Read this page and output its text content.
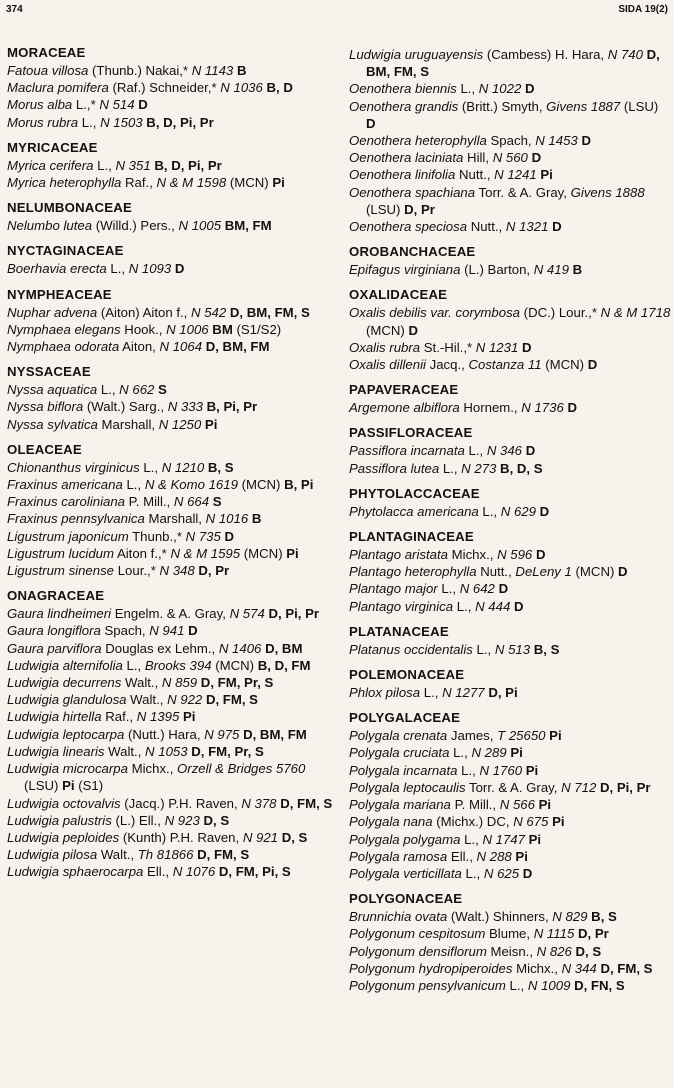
374	SIDA 19(2)
MORACEAE
Fatoua villosa (Thunb.) Nakai,* N 1143 B
Maclura pomifera (Raf.) Schneider,* N 1036 B, D
Morus alba L.,* N 514 D
Morus rubra L., N 1503 B, D, Pi, Pr
MYRICACEAE
Myrica cerifera L., N 351 B, D, Pi, Pr
Myrica heterophylla Raf., N & M 1598 (MCN) Pi
NELUMBONACEAE
Nelumbo lutea (Willd.) Pers., N 1005 BM, FM
NYCTAGINACEAE
Boerhavia erecta L., N 1093 D
NYMPHEACEAE
Nuphar advena (Aiton) Aiton f., N 542 D, BM, FM, S
Nymphaea elegans Hook., N 1006 BM (S1/S2)
Nymphaea odorata Aiton, N 1064 D, BM, FM
NYSSACEAE
Nyssa aquatica L., N 662 S
Nyssa biflora (Walt.) Sarg., N 333 B, Pi, Pr
Nyssa sylvatica Marshall, N 1250 Pi
OLEACEAE
Chionanthus virginicus L., N 1210 B, S
Fraxinus americana L., N & Komo 1619 (MCN) B, Pi
Fraxinus caroliniana P. Mill., N 664 S
Fraxinus pennsylvanica Marshall, N 1016 B
Ligustrum japonicum Thunb.,* N 735 D
Ligustrum lucidum Aiton f.,* N & M 1595 (MCN) Pi
Ligustrum sinense Lour.,* N 348 D, Pr
ONAGRACEAE
Gaura lindheimeri Engelm. & A. Gray, N 574 D, Pi, Pr
Gaura longiflora Spach, N 941 D
Gaura parviflora Douglas ex Lehm., N 1406 D, BM
Ludwigia alternifolia L., Brooks 394 (MCN) B, D, FM
Ludwigia decurrens Walt., N 859 D, FM, Pr, S
Ludwigia glandulosa Walt., N 922 D, FM, S
Ludwigia hirtella Raf., N 1395 Pi
Ludwigia leptocarpa (Nutt.) Hara, N 975 D, BM, FM
Ludwigia linearis Walt., N 1053 D, FM, Pr, S
Ludwigia microcarpa Michx., Orzell & Bridges 5760 (LSU) Pi (S1)
Ludwigia octovalvis (Jacq.) P.H. Raven, N 378 D, FM, S
Ludwigia palustris (L.) Ell., N 923 D, S
Ludwigia peploides (Kunth) P.H. Raven, N 921 D, S
Ludwigia pilosa Walt., Th 81866 D, FM, S
Ludwigia sphaerocarpa Ell., N 1076 D, FM, Pi, S
Ludwigia uruguayensis (Cambess) H. Hara, N 740 D, BM, FM, S
Oenothera biennis L., N 1022 D
Oenothera grandis (Britt.) Smyth, Givens 1887 (LSU) D
Oenothera heterophylla Spach, N 1453 D
Oenothera laciniata Hill, N 560 D
Oenothera linifolia Nutt., N 1241 Pi
Oenothera spachiana Torr. & A. Gray, Givens 1888 (LSU) D, Pr
Oenothera speciosa Nutt., N 1321 D
OROBANCHACEAE
Epifagus virginiana (L.) Barton, N 419 B
OXALIDACEAE
Oxalis debilis var. corymbosa (DC.) Lour.,* N & M 1718 (MCN) D
Oxalis rubra St.-Hil.,* N 1231 D
Oxalis dillenii Jacq., Costanza 11 (MCN) D
PAPAVERACEAE
Argemone albiflora Hornem., N 1736 D
PASSIFLORACEAE
Passiflora incarnata L., N 346 D
Passiflora lutea L., N 273 B, D, S
PHYTOLACCACEAE
Phytolacca americana L., N 629 D
PLANTAGINACEAE
Plantago aristata Michx., N 596 D
Plantago heterophylla Nutt., DeLeny 1 (MCN) D
Plantago major L., N 642 D
Plantago virginica L., N 444 D
PLATANACEAE
Platanus occidentalis L., N 513 B, S
POLEMONACEAE
Phlox pilosa L., N 1277 D, Pi
POLYGALACEAE
Polygala crenata James, T 25650 Pi
Polygala cruciata L., N 289 Pi
Polygala incarnata L., N 1760 Pi
Polygala leptocaulis Torr. & A. Gray, N 712 D, Pi, Pr
Polygala mariana P. Mill., N 566 Pi
Polygala nana (Michx.) DC, N 675 Pi
Polygala polygama L., N 1747 Pi
Polygala ramosa Ell., N 288 Pi
Polygala verticillata L., N 625 D
POLYGONACEAE
Brunnichia ovata (Walt.) Shinners, N 829 B, S
Polygonum cespitosum Blume, N 1115 D, Pr
Polygonum densiflorum Meisn., N 826 D, S
Polygonum hydropiperoides Michx., N 344 D, FM, S
Polygonum pensylvanicum L., N 1009 D, FN, S
